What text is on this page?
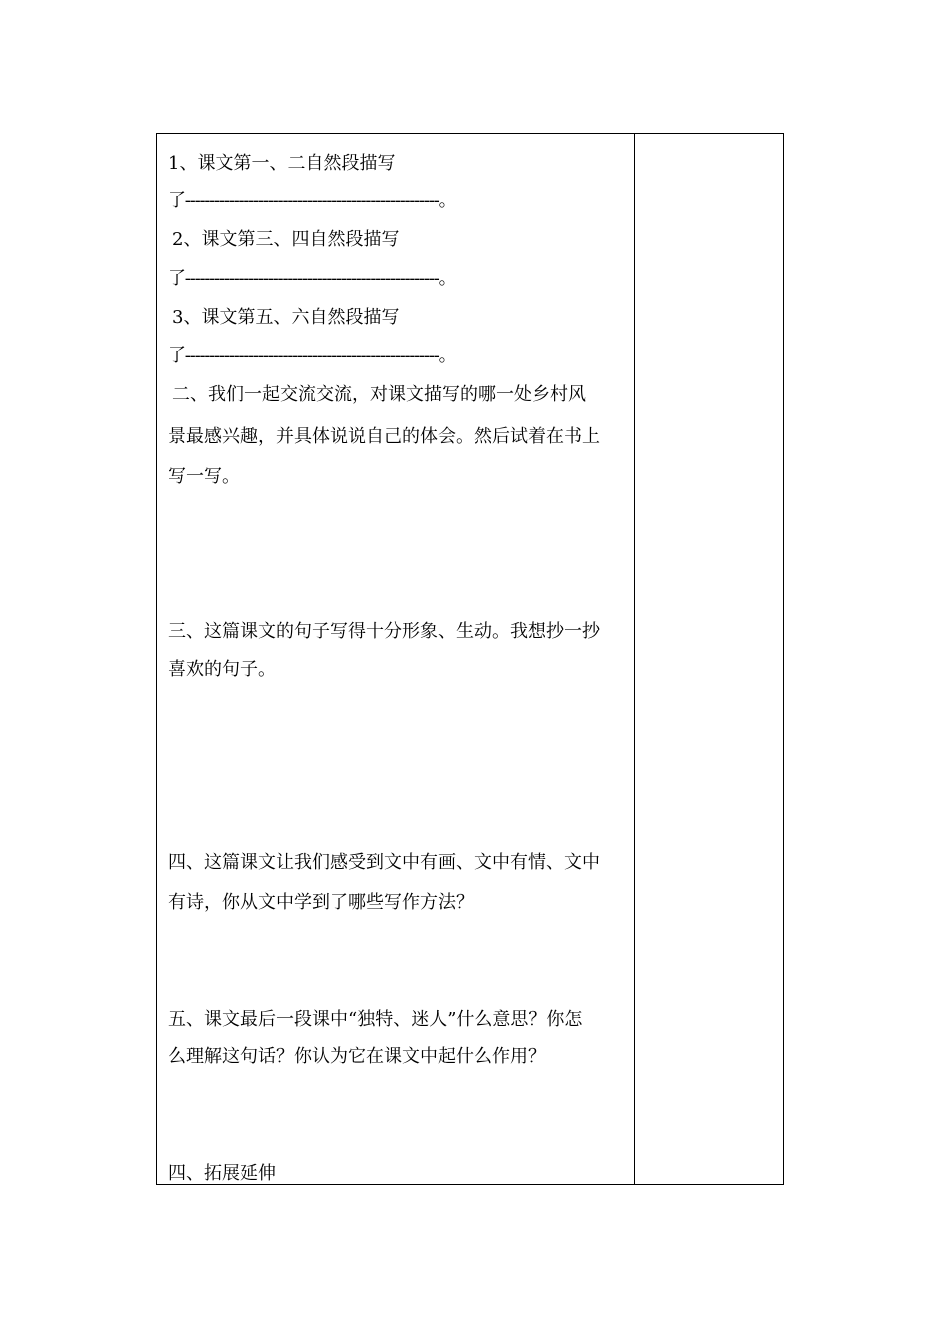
1、课文第一、二自然段描写
了----------------------------------------------------。
2、课文第三、四自然段描写
了----------------------------------------------------。
3、课文第五、六自然段描写
了----------------------------------------------------。
二、我们一起交流交流，对课文描写的哪一处乡村风
景最感兴趣，并具体说说自己的体会。然后试着在书上
写一写。
三、这篇课文的句子写得十分形象、生动。我想抄一抄
喜欢的句子。
四、这篇课文让我们感受到文中有画、文中有情、文中
有诗，你从文中学到了哪些写作方法？
五、课文最后一段课中“独特、迷人”什么意思？你怎
么理解这句话？你认为它在课文中起什么作用？
四、拓展延伸
